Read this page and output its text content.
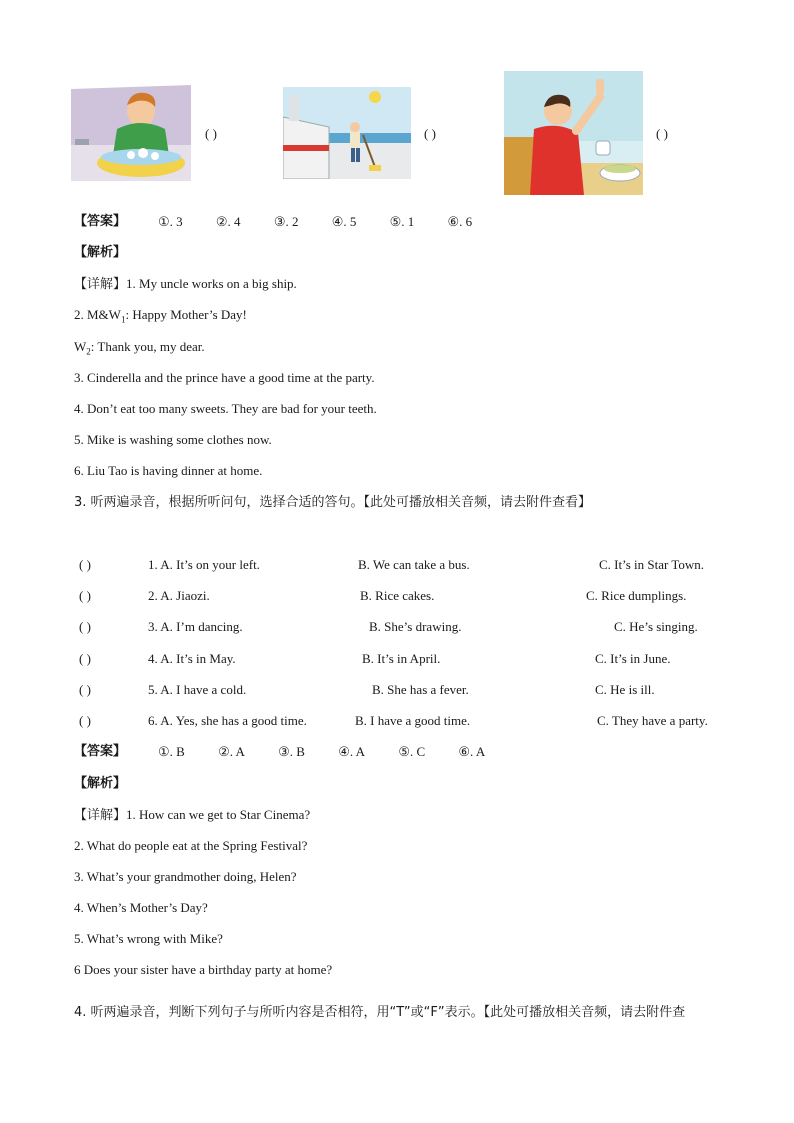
( )	( )	( )
【答案】 ①. 3	②. 4	③. 2	④. 5	⑤. 1	⑥. 6
【解析】
【详解】1. My uncle works on a big ship.
2. $M\&W_1$: Happy Mother’s Day!
$W_2$: Thank you, my dear.
3. Cinderella and the prince have a good time at the party.
4. Don’t eat too many sweets. They are bad for your teeth.
5. Mike is washing some clothes now.
6. Liu Tao is having dinner at home.
3. 听两遍录音，根据所听问句，选择合适的答句。【此处可播放相关音频，请去附件查看】
( )	1. A. It’s on your left.	B. We can take a bus.	C. It’s in Star Town.
( )	2. A. Jiaozi.	B. Rice cakes.	C. Rice dumplings.
( )	3. A. I’m dancing.	B. She’s drawing.	C. He’s singing.
( )	4. A. It’s in May.	B. It’s in April.	C. It’s in June.
( )	5. A. I have a cold.	B. She has a fever.	C. He is ill.
( )	6. A. Yes, she has a good time.	B. I have a good time.	C. They have a party.
【答案】 ①. B	②. A	③. B	④. A	⑤. C	⑥. A
【解析】
【详解】1. How can we get to Star Cinema?
2. What do people eat at the Spring Festival?
3. What’s your grandmother doing, Helen?
4. When’s Mother’s Day?
5. What’s wrong with Mike?
6 Does your sister have a birthday party at home?
4. 听两遍录音，判断下列句子与所听内容是否相符，用“T”或“F”表示。【此处可播放相关音频，请去附件查
